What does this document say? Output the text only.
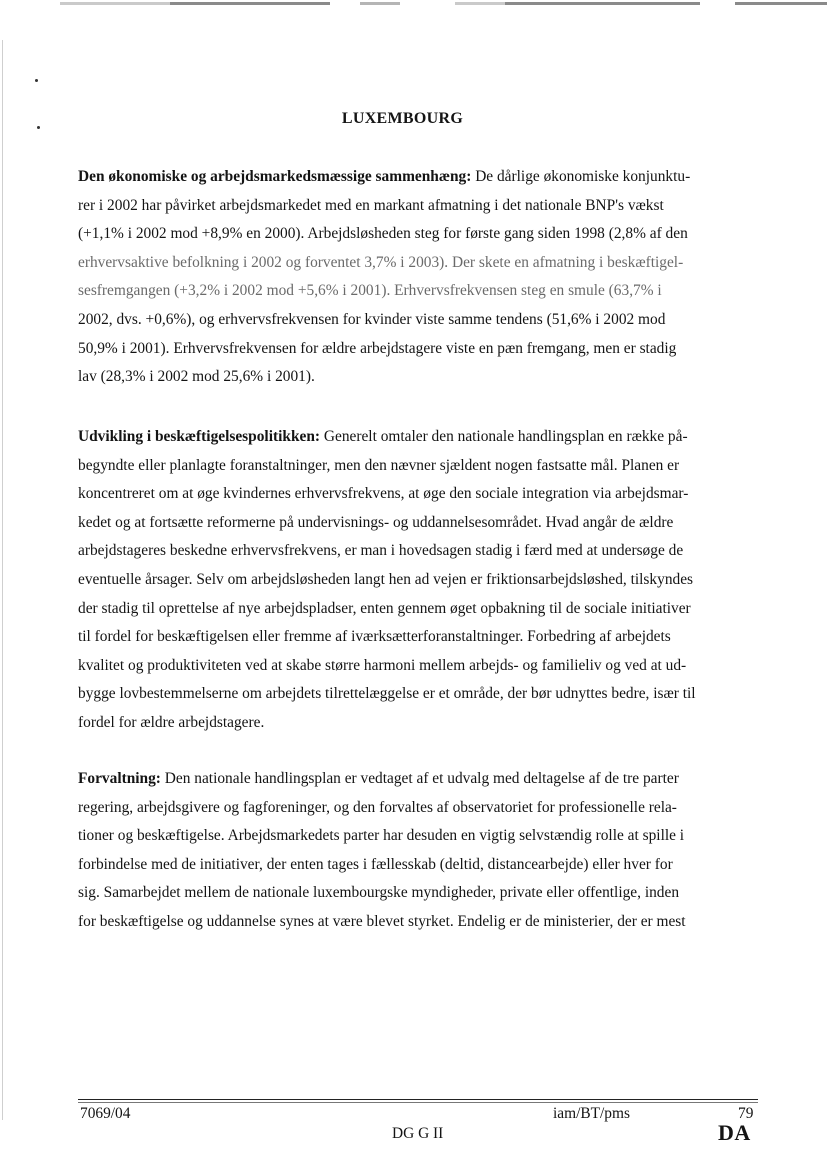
LUXEMBOURG
Den økonomiske og arbejdsmarkedsmæssige sammenhæng: De dårlige økonomiske konjunktu-
rer i 2002 har påvirket arbejdsmarkedet med en markant afmatning i det nationale BNP's vækst
(+1,1% i 2002 mod +8,9% en 2000). Arbejdsløsheden steg for første gang siden 1998 (2,8% af den
erhvervsaktive befolkning i 2002 og forventet 3,7% i 2003). Der skete en afmatning i beskæftigel-
sesfremgangen (+3,2% i 2002 mod +5,6% i 2001). Erhvervsfrekvensen steg en smule (63,7% i
2002, dvs. +0,6%), og erhvervsfrekvensen for kvinder viste samme tendens (51,6% i 2002 mod
50,9% i 2001). Erhvervsfrekvensen for ældre arbejdstagere viste en pæn fremgang, men er stadig
lav (28,3% i 2002 mod 25,6% i 2001).
Udvikling i beskæftigelsespolitikken: Generelt omtaler den nationale handlingsplan en række på-
begyndte eller planlagte foranstaltninger, men den nævner sjældent nogen fastsatte mål. Planen er
koncentreret om at øge kvindernes erhvervsfrekvens, at øge den sociale integration via arbejdsmar-
kedet og at fortsætte reformerne på undervisnings- og uddannelsesområdet. Hvad angår de ældre
arbejdstageres beskedne erhvervsfrekvens, er man i hovedsagen stadig i færd med at undersøge de
eventuelle årsager. Selv om arbejdsløsheden langt hen ad vejen er friktionsarbejdsløshed, tilskyndes
der stadig til oprettelse af nye arbejdspladser, enten gennem øget opbakning til de sociale initiativer
til fordel for beskæftigelsen eller fremme af iværksætterforanstaltninger. Forbedring af arbejdets
kvalitet og produktiviteten ved at skabe større harmoni mellem arbejds- og familieliv og ved at ud-
bygge lovbestemmelserne om arbejdets tilrettelæggelse er et område, der bør udnyttes bedre, især til
fordel for ældre arbejdstagere.
Forvaltning: Den nationale handlingsplan er vedtaget af et udvalg med deltagelse af de tre parter
regering, arbejdsgivere og fagforeninger, og den forvaltes af observatoriet for professionelle rela-
tioner og beskæftigelse. Arbejdsmarkedets parter har desuden en vigtig selvstændig rolle at spille i
forbindelse med de initiativer, der enten tages i fællesskab (deltid, distancearbejde) eller hver for
sig. Samarbejdet mellem de nationale luxembourgske myndigheder, private eller offentlige, inden
for beskæftigelse og uddannelse synes at være blevet styrket. Endelig er de ministerier, der er mest
7069/04	iam/BT/pms	79
DG G II	DA
